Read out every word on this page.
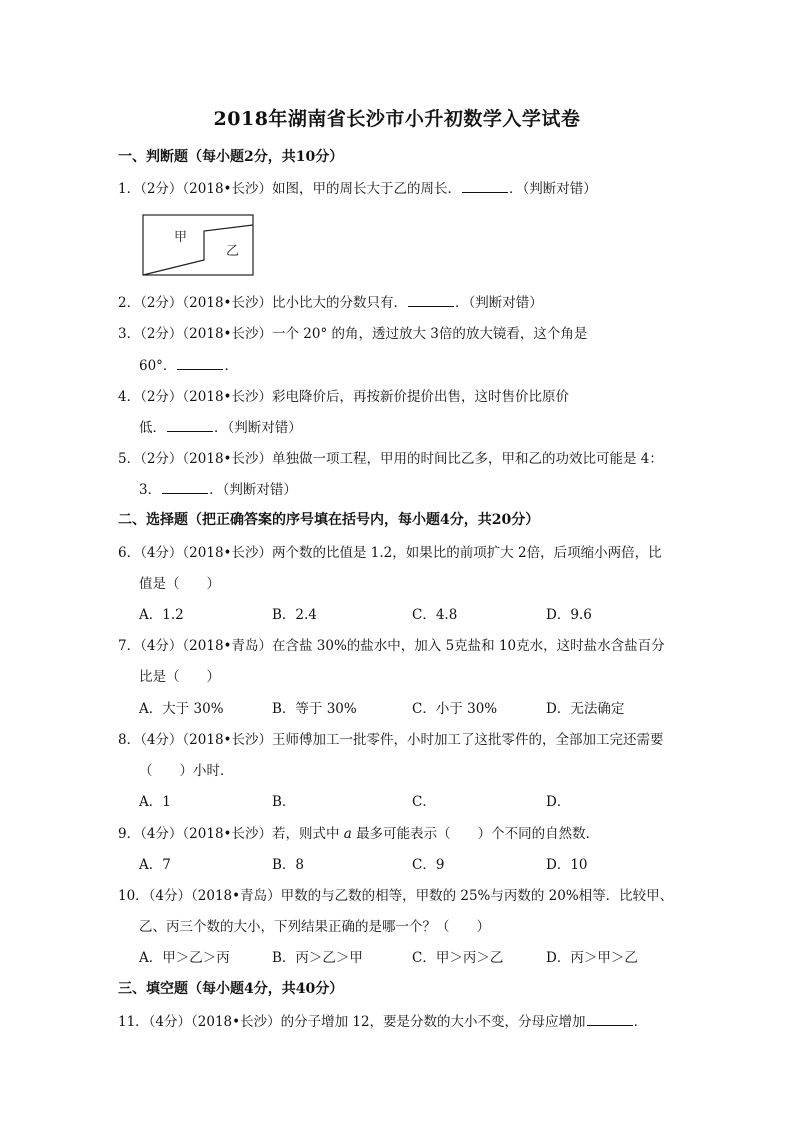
2018年湖南省长沙市小升初数学入学试卷
一、判断题（每小题2分，共10分）
1．（2分）（2018•长沙）如图，甲的周长大于乙的周长．	．（判断对错）
甲
乙
2．（2分）（2018•长沙）比小比大的分数只有．	．（判断对错）
3．（2分）（2018•长沙）一个 20° 的角，透过放大 3倍的放大镜看，这个角是
60°．	．
4．（2分）（2018•长沙）彩电降价后，再按新价提价出售，这时售价比原价
低．	．（判断对错）
5．（2分）（2018•长沙）单独做一项工程，甲用的时间比乙多，甲和乙的功效比可能是 4：
3．	．（判断对错）
二、选择题（把正确答案的序号填在括号内，每小题4分，共20分）
6．（4分）（2018•长沙）两个数的比值是 1.2，如果比的前项扩大 2倍，后项缩小两倍，比
值是（　　）
A．1.2	B．2.4	C．4.8	D．9.6
7．（4分）（2018•青岛）在含盐 30%的盐水中，加入 5克盐和 10克水，这时盐水含盐百分
比是（　　）
A．大于 30%	B．等于 30%	C．小于 30%	D．无法确定
8．（4分）（2018•长沙）王师傅加工一批零件，小时加工了这批零件的，全部加工完还需要
（　　）小时．
A．1	B．	C．	D．
9．（4分）（2018•长沙）若，则式中 a 最多可能表示（　　）个不同的自然数．
A．7	B．8	C．9	D．10
10．（4分）（2018•青岛）甲数的与乙数的相等，甲数的 25%与丙数的 20%相等．比较甲、
乙、丙三个数的大小，下列结果正确的是哪一个？（　　）
A．甲＞乙＞丙	B．丙＞乙＞甲	C．甲＞丙＞乙	D．丙＞甲＞乙
三、填空题（每小题4分，共40分）
11．（4分）（2018•长沙）的分子增加 12，要是分数的大小不变，分母应增加	．
